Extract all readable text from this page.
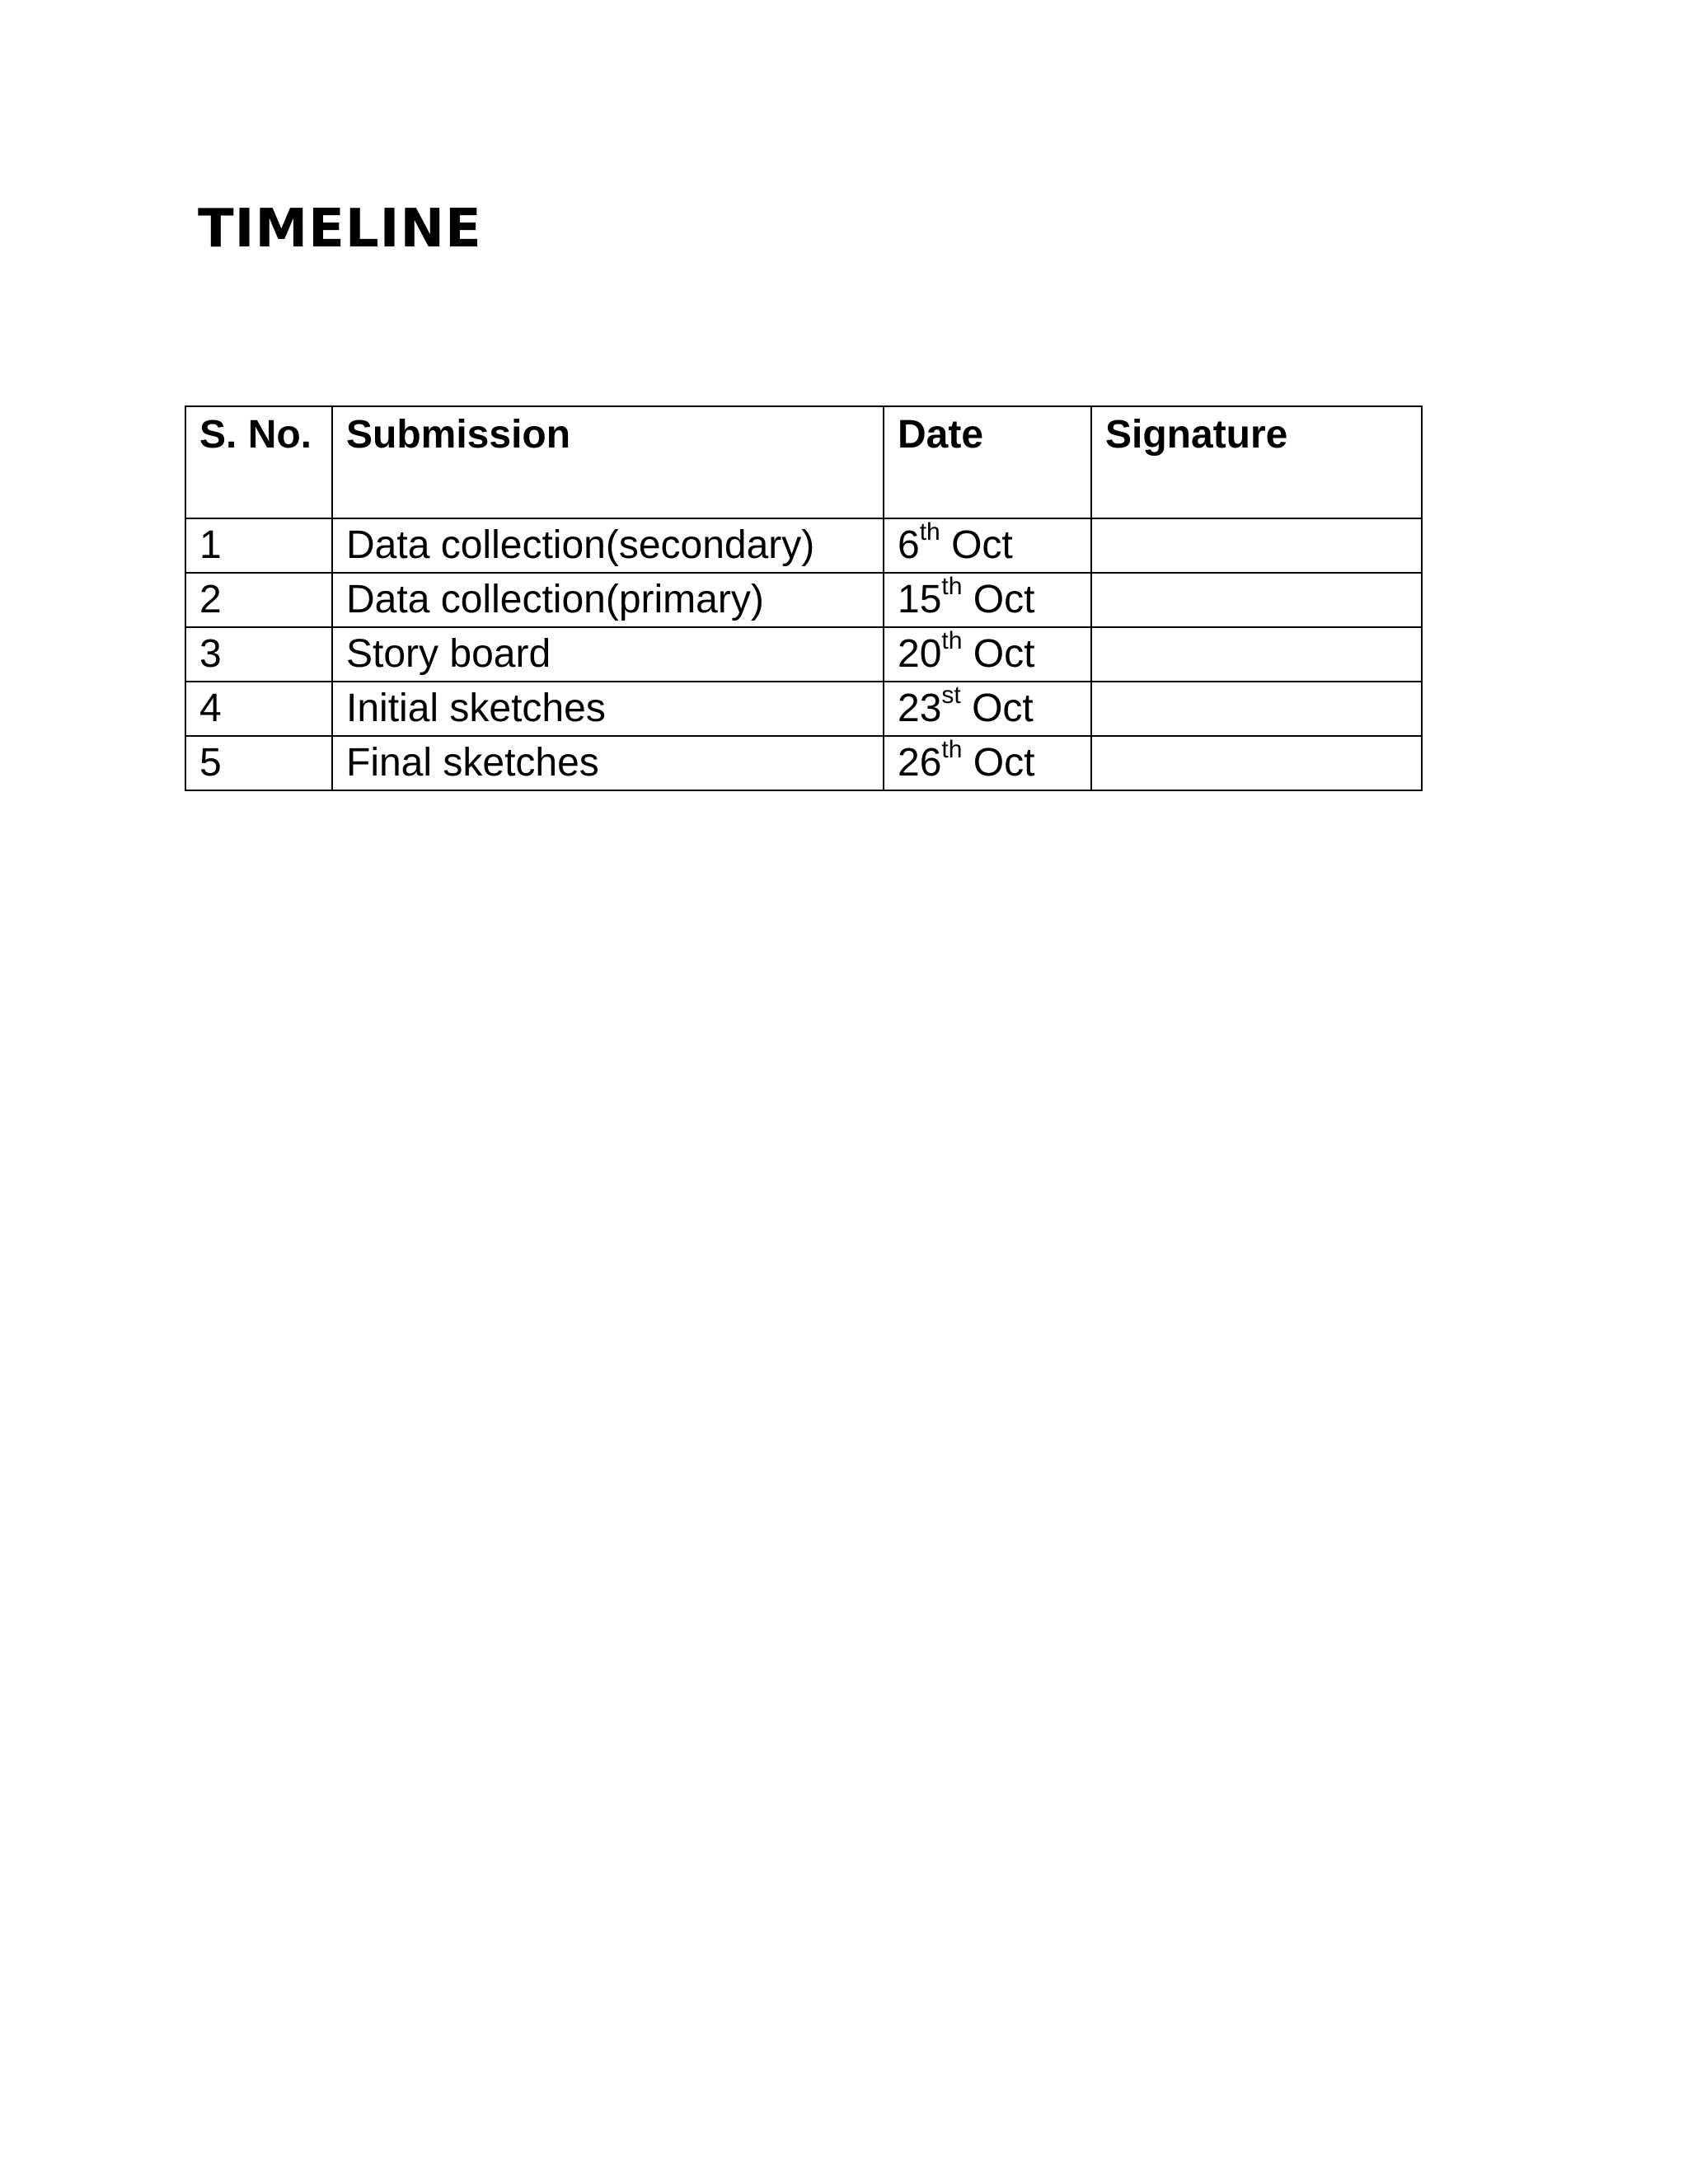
TIMELINE
S. No.	Submission	Date	Signature
1	Data collection(secondary)	6th Oct	
2	Data collection(primary)	15th Oct	
3	Story board	20th Oct	
4	Initial sketches	23st Oct	
5	Final sketches	26th Oct	
